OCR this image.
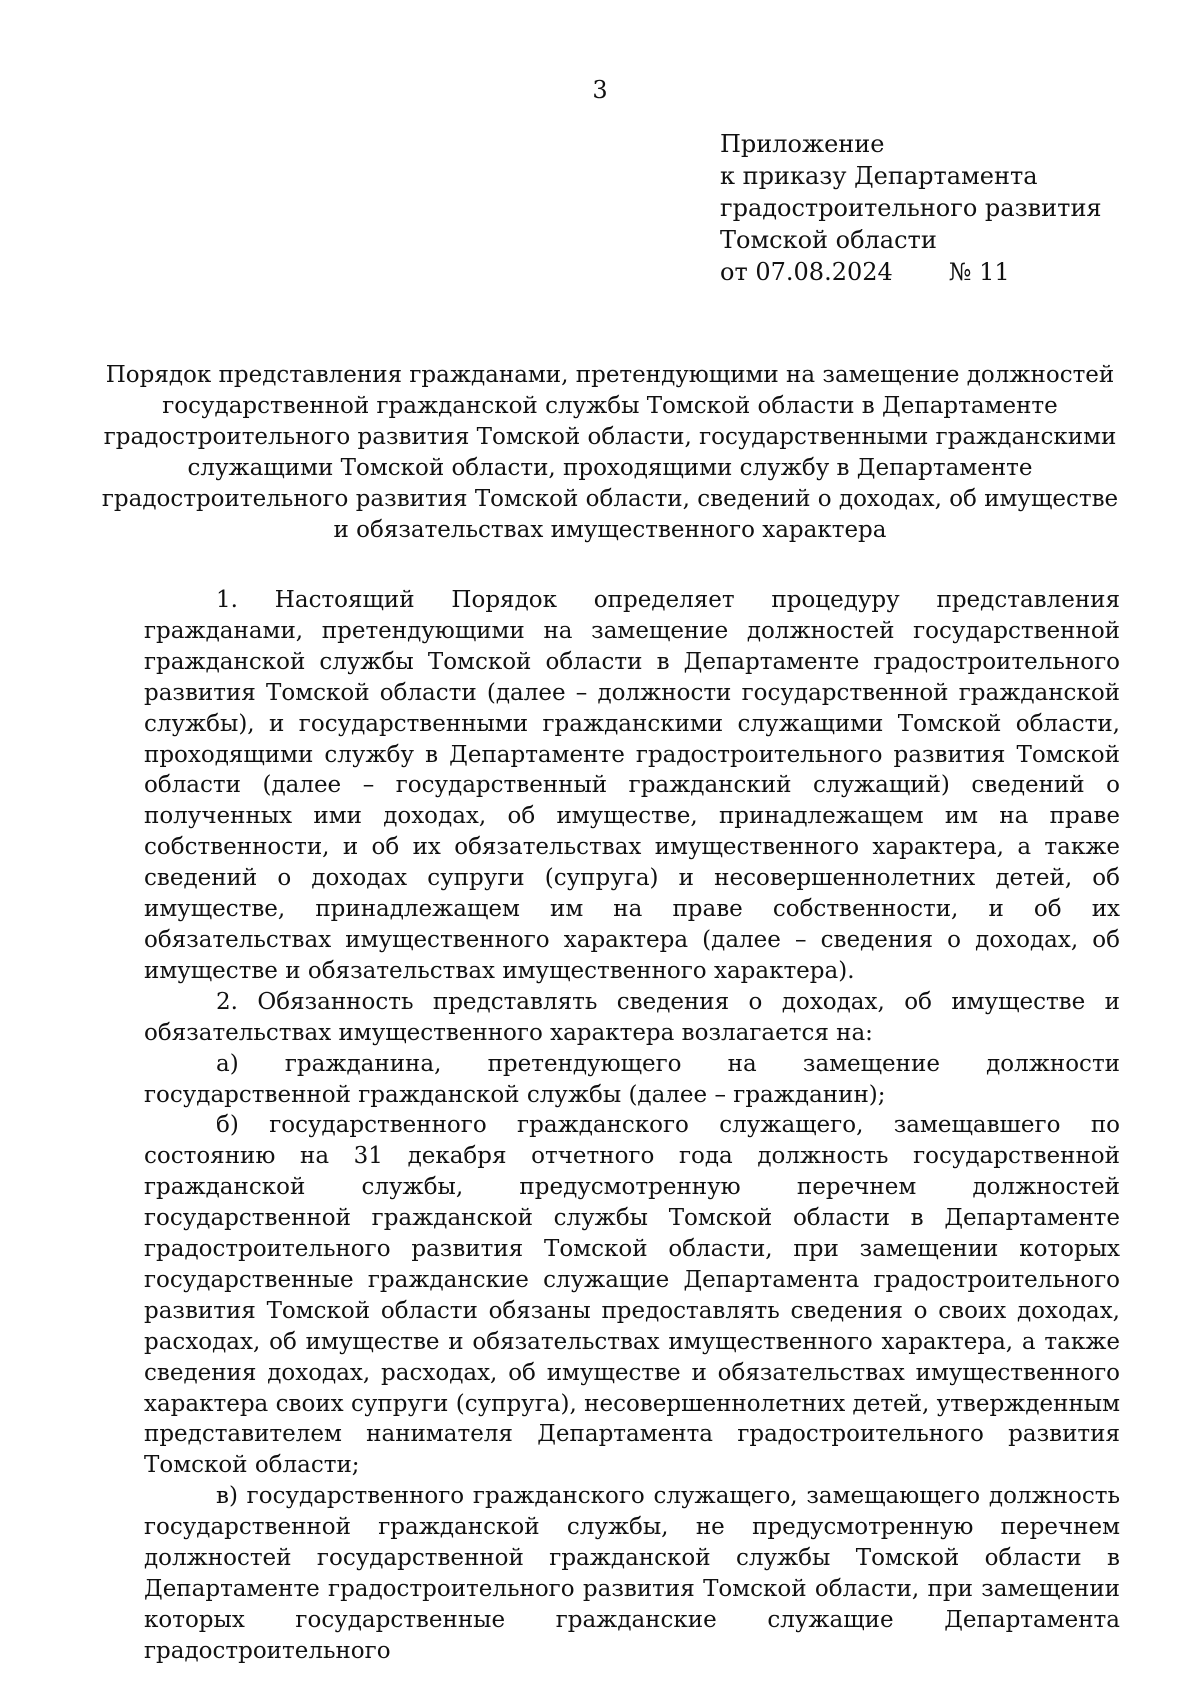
3
Приложение
к приказу Департамента
градостроительного развития
Томской области
от 07.08.2024 № 11
Порядок представления гражданами, претендующими на замещение должностей государственной гражданской службы Томской области в Департаменте градостроительного развития Томской области, государственными гражданскими служащими Томской области, проходящими службу в Департаменте градостроительного развития Томской области, сведений о доходах, об имуществе и обязательствах имущественного характера

1. Настоящий Порядок определяет процедуру представления гражданами, претендующими на замещение должностей государственной гражданской службы Томской области в Департаменте градостроительного развития Томской области (далее – должности государственной гражданской службы), и государственными гражданскими служащими Томской области, проходящими службу в Департаменте градостроительного развития Томской области (далее – государственный гражданский служащий) сведений о полученных ими доходах, об имуществе, принадлежащем им на праве собственности, и об их обязательствах имущественного характера, а также сведений о доходах супруги (супруга) и несовершеннолетних детей, об имуществе, принадлежащем им на праве собственности, и об их обязательствах имущественного характера (далее – сведения о доходах, об имуществе и обязательствах имущественного характера).

2. Обязанность представлять сведения о доходах, об имуществе и обязательствах имущественного характера возлагается на:

а) гражданина, претендующего на замещение должности государственной гражданской службы (далее – гражданин);

б) государственного гражданского служащего, замещавшего по состоянию на 31 декабря отчетного года должность государственной гражданской службы, предусмотренную перечнем должностей государственной гражданской службы Томской области в Департаменте градостроительного развития Томской области, при замещении которых государственные гражданские служащие Департамента градостроительного развития Томской области обязаны предоставлять сведения о своих доходах, расходах, об имуществе и обязательствах имущественного характера, а также сведения доходах, расходах, об имуществе и обязательствах имущественного характера своих супруги (супруга), несовершеннолетних детей, утвержденным представителем нанимателя Департамента градостроительного развития Томской области;

в) государственного гражданского служащего, замещающего должность государственной гражданской службы, не предусмотренную перечнем должностей государственной гражданской службы Томской области в Департаменте градостроительного развития Томской области, при замещении которых государственные гражданские служащие Департамента градостроительного
